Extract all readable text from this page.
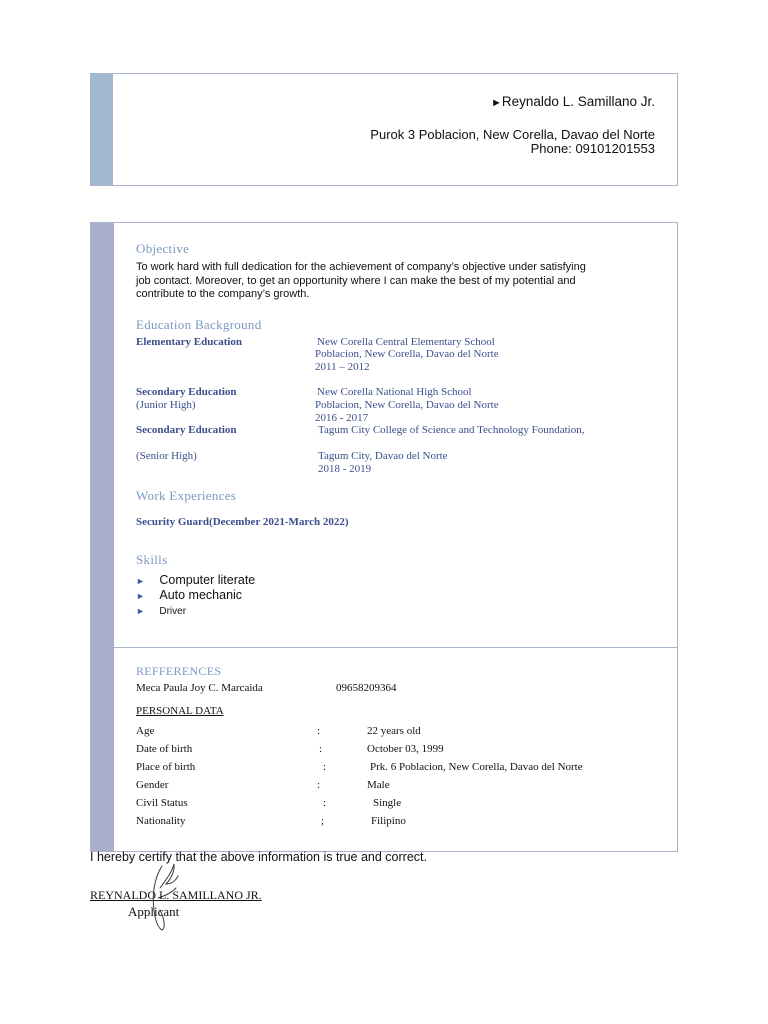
►Reynaldo L. Samillano Jr.
Purok 3 Poblacion, New Corella, Davao del Norte
Phone: 09101201553
Objective
To work hard with full dedication for the achievement of company’s objective under satisfying
job contact. Moreover, to get an opportunity where I can make the best of my potential and
contribute to the company’s growth.
Education Background
Elementary Education	New Corella Central Elementary School
Poblacion, New Corella, Davao del Norte
2011 – 2012
Secondary Education
(Junior High)
New Corella National High School
Poblacion, New Corella, Davao del Norte
2016 - 2017
Secondary Education
(Senior High)
Tagum City College of Science and Technology Foundation,
Tagum City, Davao del Norte
2018 - 2019
Work Experiences
Security Guard(December 2021-March 2022)
Skills
► Computer literate
► Auto mechanic
► Driver
REFFERENCES
Meca Paula Joy C. Marcaida	09658209364
PERSONAL DATA
Age	:	22 years old
Date of birth	:	October 03, 1999
Place of birth	:	Prk. 6 Poblacion, New Corella, Davao del Norte
Gender	:	Male
Civil Status	:	Single
Nationality	;	Filipino
I hereby certify that the above information is true and correct.
REYNALDO L. SAMILLANO JR.
Applicant
